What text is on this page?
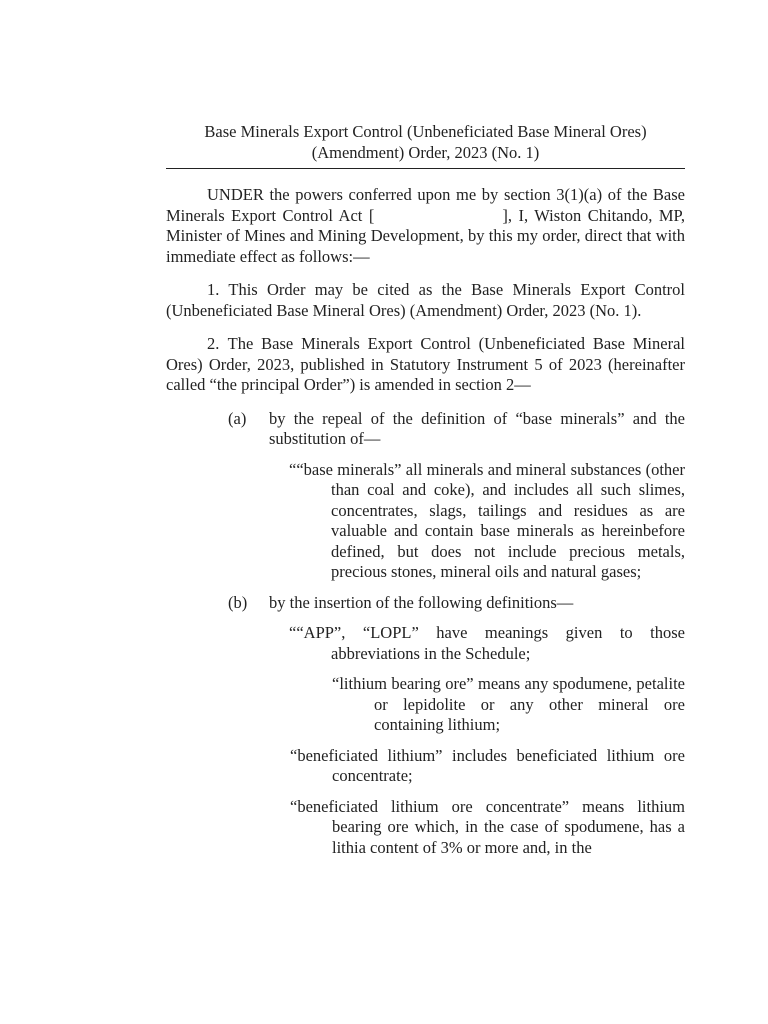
Base Minerals Export Control (Unbeneficiated Base Mineral Ores)
(Amendment) Order, 2023 (No. 1)

UNDER the powers conferred upon me by section 3(1)(a) of the Base Minerals Export Control Act [	], I, Wiston Chitando, MP, Minister of Mines and Mining Development, by this my order, direct that with immediate effect as follows:—

1. This Order may be cited as the Base Minerals Export Control (Unbeneficiated Base Mineral Ores) (Amendment) Order, 2023 (No. 1).

2. The Base Minerals Export Control (Unbeneficiated Base Mineral Ores) Order, 2023, published in Statutory Instrument 5 of 2023 (hereinafter called “the principal Order”) is amended in section 2—

(a)	by the repeal of the definition of “base minerals” and the substitution of—

““base minerals” all minerals and mineral substances (other than coal and coke), and includes all such slimes, concentrates, slags, tailings and residues as are valuable and contain base minerals as hereinbefore defined, but does not include precious metals, precious stones, mineral oils and natural gases;

(b)	by the insertion of the following definitions—

““APP”, “LOPL” have meanings given to those abbreviations in the Schedule;

“lithium bearing ore” means any spodumene, petalite or lepidolite or any other mineral ore containing lithium;

“beneficiated lithium” includes beneficiated lithium ore concentrate;

“beneficiated lithium ore concentrate” means lithium bearing ore which, in the case of spodumene, has a lithia content of 3% or more and, in the
